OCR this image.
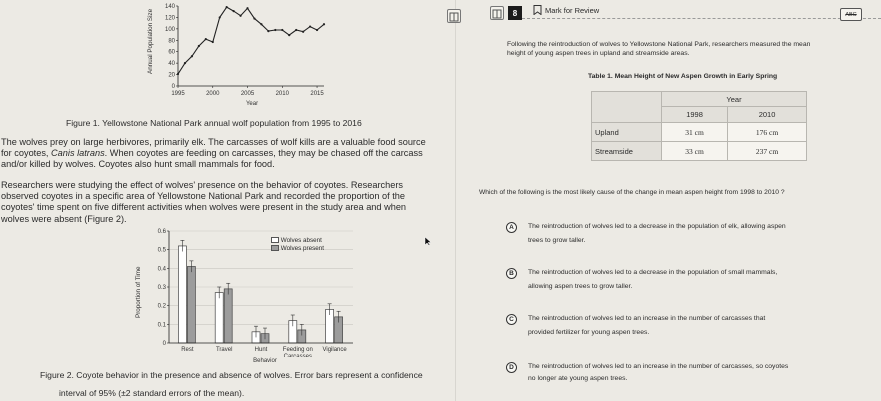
Annual Population Size
140
120
100
80
60
40
20
0
1995	2000	2005	2010	2015
Year
Figure 1. Yellowstone National Park annual wolf population from 1995 to 2016
The wolves prey on large herbivores, primarily elk. The carcasses of wolf kills are a valuable food source
for coyotes, Canis latrans. When coyotes are feeding on carcasses, they may be chased off the carcass
and/or killed by wolves. Coyotes also hunt small mammals for food.
Researchers were studying the effect of wolves' presence on the behavior of coyotes. Researchers
observed coyotes in a specific area of Yellowstone National Park and recorded the proportion of the
coyotes' time spent on five different activities when wolves were present in the study area and when
wolves were absent (Figure 2).
Proportion of Time
0.6
0.5
0.4
0.3
0.2
0.1
0
Rest	Travel	Hunt	Feeding on
Carcasses
Vigilance
Wolves absent
Wolves present
Behavior
Figure 2. Coyote behavior in the presence and absence of wolves. Error bars represent a confidence
interval of 95% (±2 standard errors of the mean).
8	Mark for Review	ABC
Following the reintroduction of wolves to Yellowstone National Park, researchers measured the mean
height of young aspen trees in upland and streamside areas.
Table 1. Mean Height of New Aspen Growth in Early Spring
	Year	
	1998	2010
Upland	31 cm	176 cm
Streamside	33 cm	237 cm
Which of the following is the most likely cause of the change in mean aspen height from 1998 to 2010 ?
A	The reintroduction of wolves led to a decrease in the population of elk, allowing aspen
trees to grow taller.
B	The reintroduction of wolves led to a decrease in the population of small mammals,
allowing aspen trees to grow taller.
C	The reintroduction of wolves led to an increase in the number of carcasses that
provided fertilizer for young aspen trees.
D	The reintroduction of wolves led to an increase in the number of carcasses, so coyotes
no longer ate young aspen trees.
